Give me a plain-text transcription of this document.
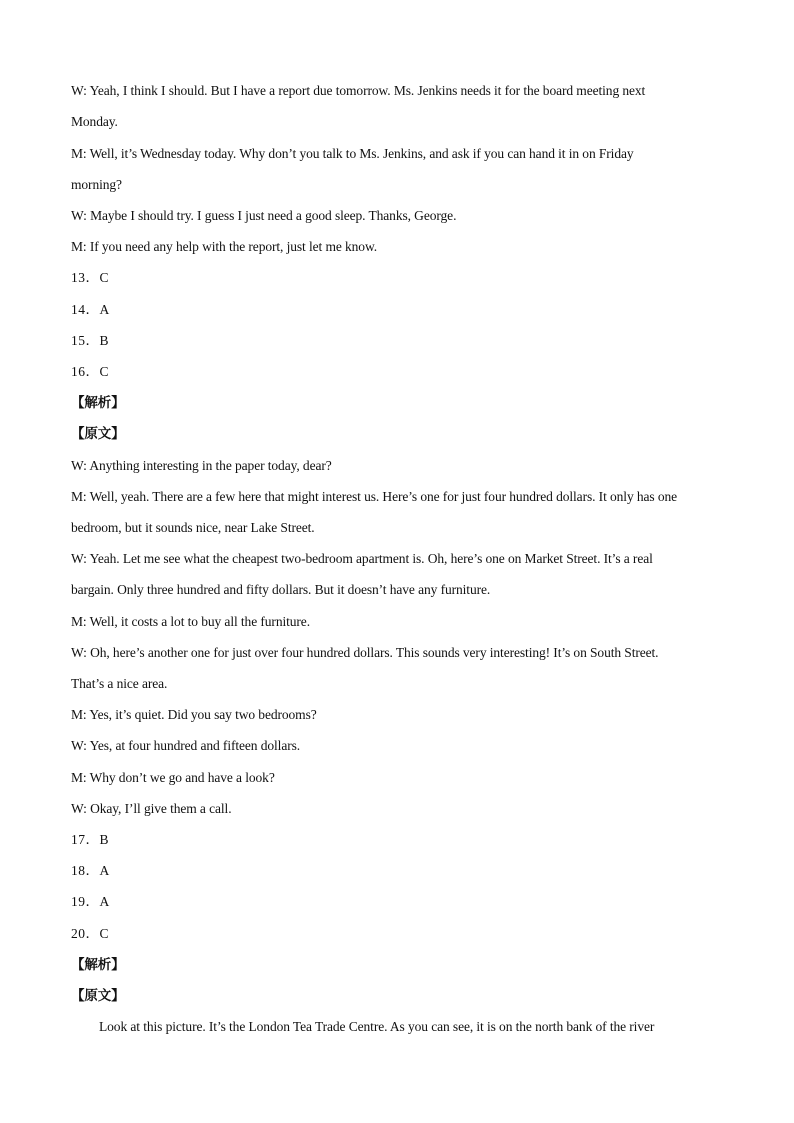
W: Yeah, I think I should. But I have a report due tomorrow. Ms. Jenkins needs it for the board meeting next

Monday.

M: Well, it’s Wednesday today. Why don’t you talk to Ms. Jenkins, and ask if you can hand it in on Friday

morning?

W: Maybe I should try. I guess I just need a good sleep. Thanks, George.

M: If you need any help with the report, just let me know.

13．C

14．A

15．B

16．C

【解析】

【原文】

W: Anything interesting in the paper today, dear?

M: Well, yeah. There are a few here that might interest us. Here’s one for just four hundred dollars. It only has one

bedroom, but it sounds nice, near Lake Street.

W: Yeah. Let me see what the cheapest two-bedroom apartment is. Oh, here’s one on Market Street. It’s a real

bargain. Only three hundred and fifty dollars. But it doesn’t have any furniture.

M: Well, it costs a lot to buy all the furniture.

W: Oh, here’s another one for just over four hundred dollars. This sounds very interesting! It’s on South Street.

That’s a nice area.

M: Yes, it’s quiet. Did you say two bedrooms?

W: Yes, at four hundred and fifteen dollars.

M: Why don’t we go and have a look?

W: Okay, I’ll give them a call.

17．B

18．A

19．A

20．C

【解析】

【原文】

Look at this picture. It’s the London Tea Trade Centre. As you can see, it is on the north bank of the river
